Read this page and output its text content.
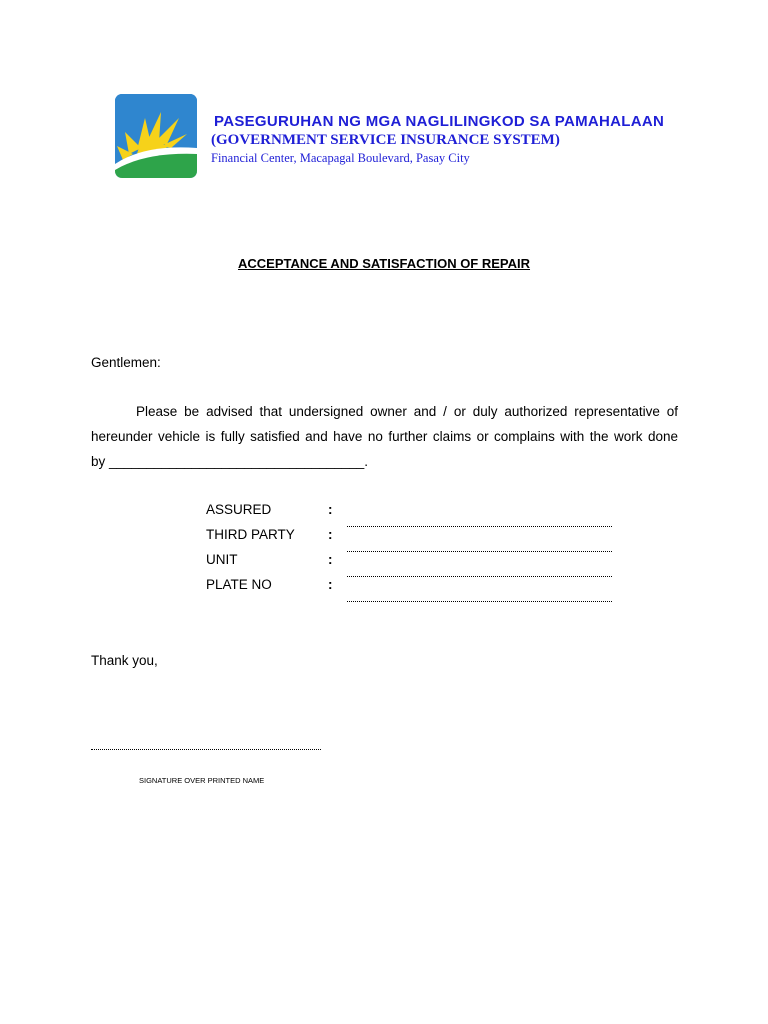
PASEGURUHAN NG MGA NAGLILINGKOD SA PAMAHALAAN
(GOVERNMENT SERVICE INSURANCE SYSTEM)
Financial Center, Macapagal Boulevard, Pasay City
ACCEPTANCE AND SATISFACTION OF REPAIR
Gentlemen:
Please be advised that undersigned owner and / or duly authorized representative of
hereunder vehicle is fully satisfied and have no further claims or complains with the work done
by __________________________________.
ASSURED	:
THIRD PARTY :
UNIT	:
PLATE NO	:
Thank you,
SIGNATURE OVER PRINTED NAME
